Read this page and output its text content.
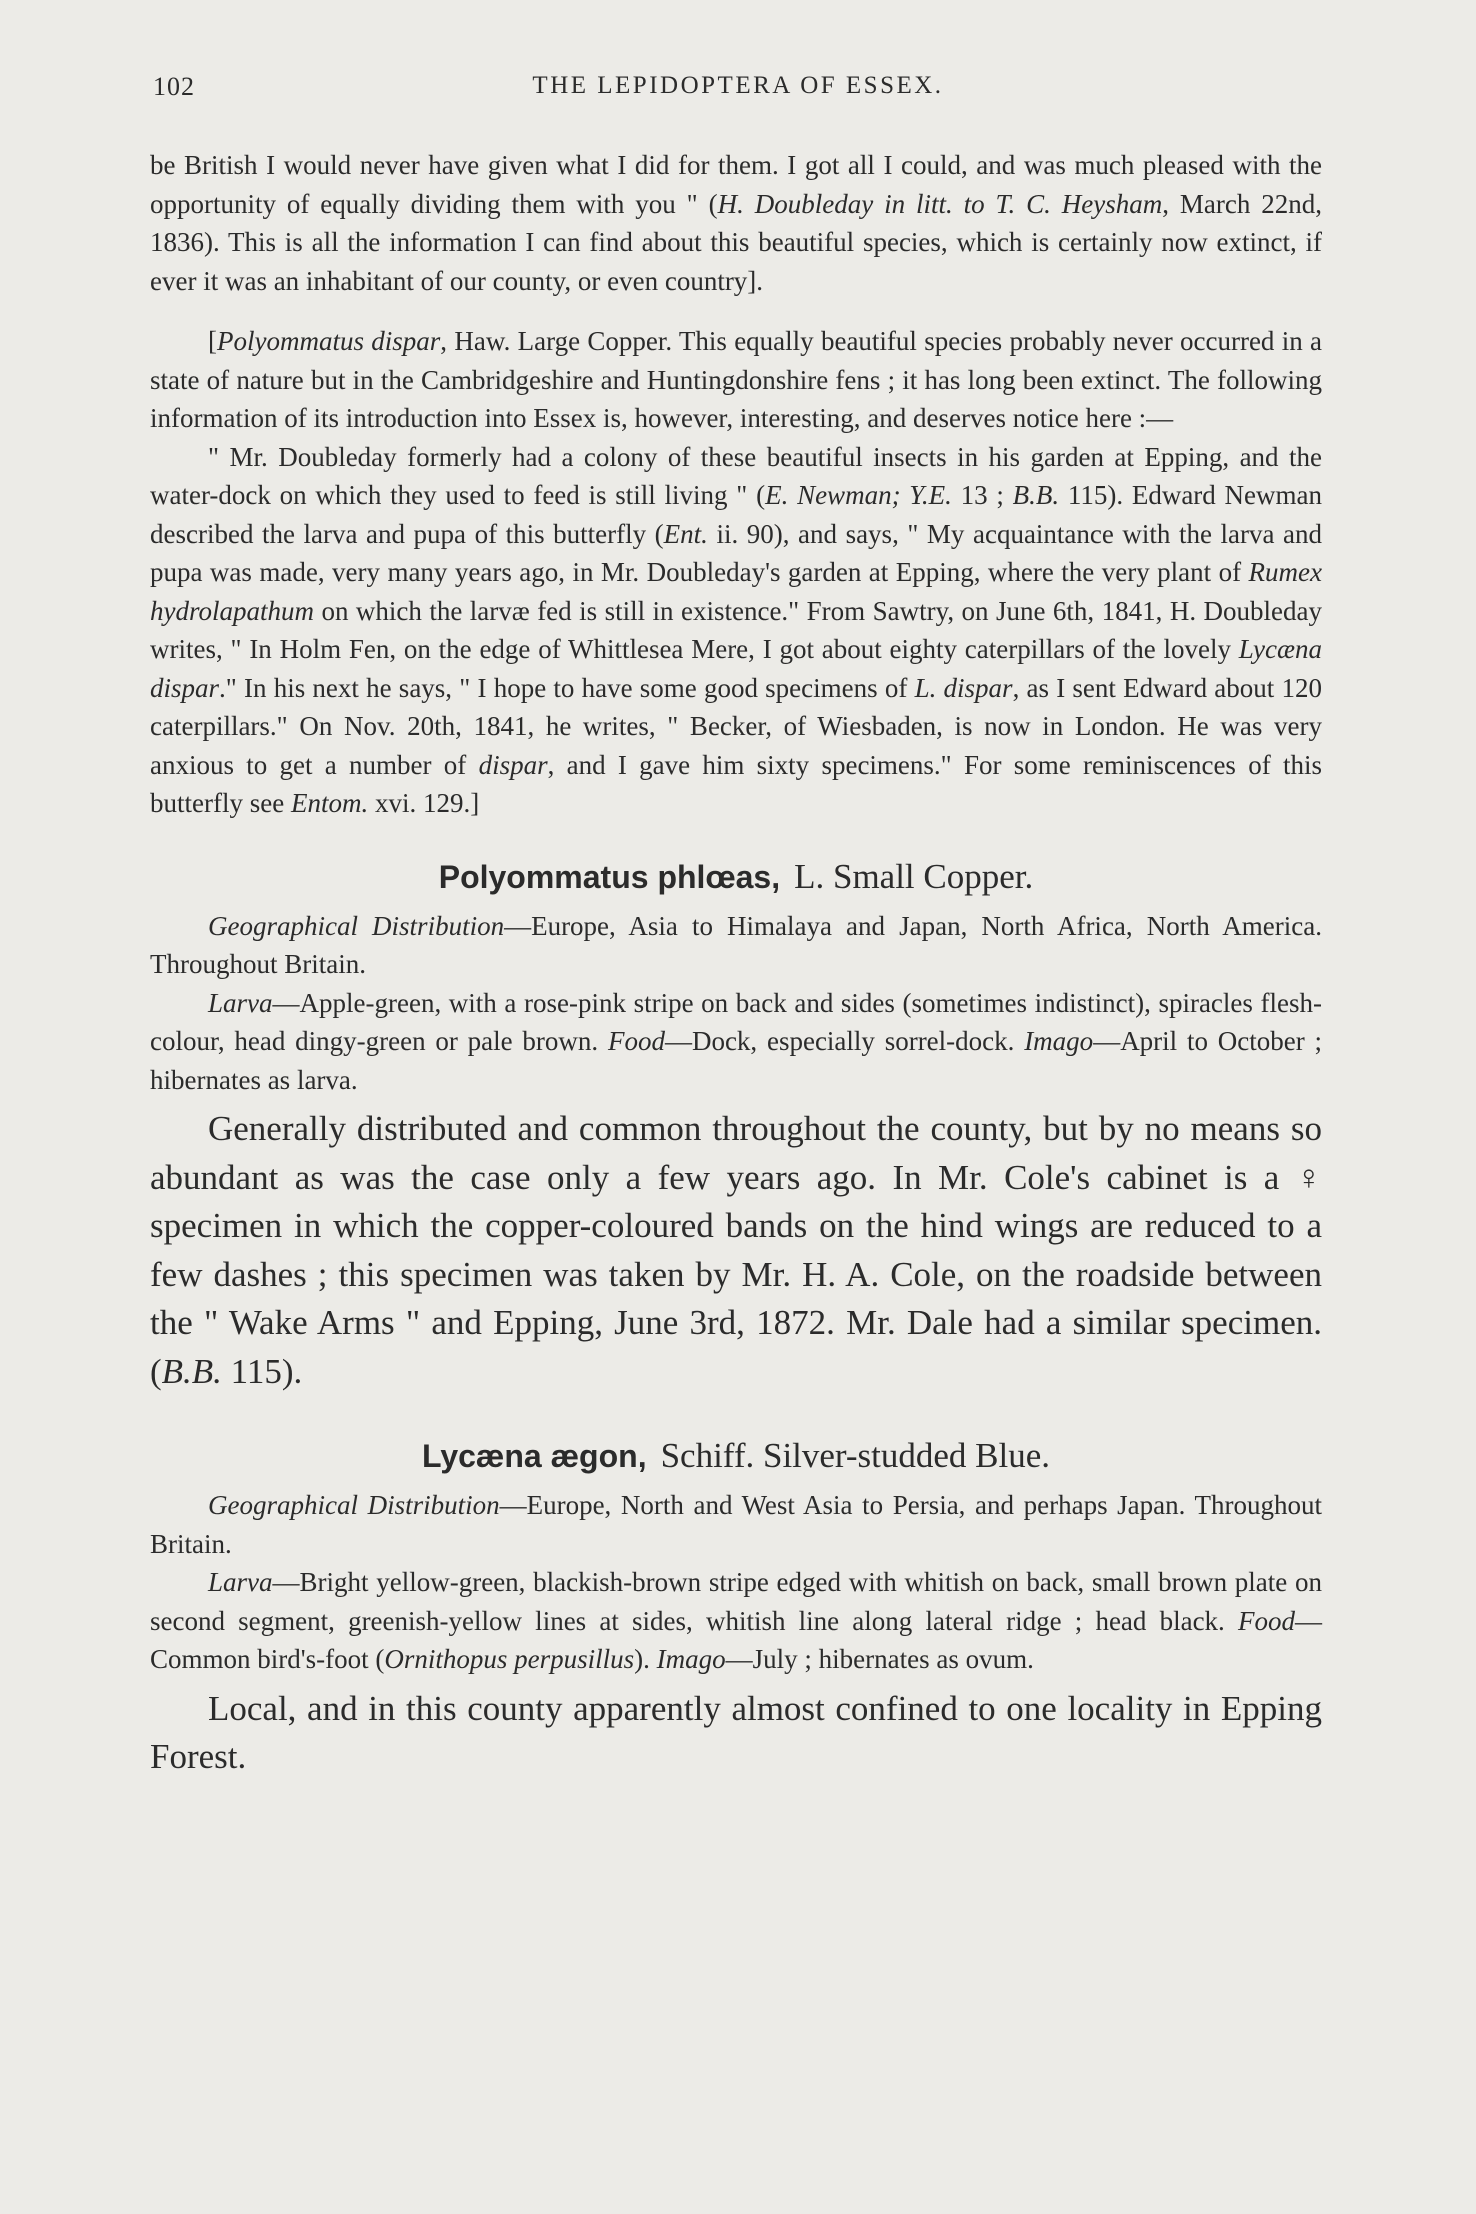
102	THE LEPIDOPTERA OF ESSEX.

be British I would never have given what I did for them. I got all I could, and was much pleased with the opportunity of equally dividing them with you " (H. Doubleday in litt. to T. C. Heysham, March 22nd, 1836). This is all the information I can find about this beautiful species, which is certainly now extinct, if ever it was an inhabitant of our county, or even country].

[Polyommatus dispar, Haw. Large Copper. This equally beautiful species probably never occurred in a state of nature but in the Cambridgeshire and Huntingdonshire fens ; it has long been extinct. The following information of its introduction into Essex is, however, interesting, and deserves notice here :—

" Mr. Doubleday formerly had a colony of these beautiful insects in his garden at Epping, and the water-dock on which they used to feed is still living " (E. Newman; Y.E. 13 ; B.B. 115). Edward Newman described the larva and pupa of this butterfly (Ent. ii. 90), and says, " My acquaintance with the larva and pupa was made, very many years ago, in Mr. Doubleday's garden at Epping, where the very plant of Rumex hydrolapathum on which the larvæ fed is still in existence." From Sawtry, on June 6th, 1841, H. Doubleday writes, " In Holm Fen, on the edge of Whittlesea Mere, I got about eighty caterpillars of the lovely Lycæna dispar." In his next he says, " I hope to have some good specimens of L. dispar, as I sent Edward about 120 caterpillars." On Nov. 20th, 1841, he writes, " Becker, of Wiesbaden, is now in London. He was very anxious to get a number of dispar, and I gave him sixty specimens." For some reminiscences of this butterfly see Entom. xvi. 129.]

Polyommatus phlœas, L. Small Copper.

Geographical Distribution—Europe, Asia to Himalaya and Japan, North Africa, North America. Throughout Britain.

Larva—Apple-green, with a rose-pink stripe on back and sides (sometimes indistinct), spiracles flesh-colour, head dingy-green or pale brown. Food—Dock, especially sorrel-dock. Imago—April to October ; hibernates as larva.

Generally distributed and common throughout the county, but by no means so abundant as was the case only a few years ago. In Mr. Cole's cabinet is a ♀ specimen in which the copper-coloured bands on the hind wings are reduced to a few dashes ; this specimen was taken by Mr. H. A. Cole, on the roadside between the " Wake Arms " and Epping, June 3rd, 1872. Mr. Dale had a similar specimen. (B.B. 115).

Lycæna ægon, Schiff. Silver-studded Blue.

Geographical Distribution—Europe, North and West Asia to Persia, and perhaps Japan. Throughout Britain.

Larva—Bright yellow-green, blackish-brown stripe edged with whitish on back, small brown plate on second segment, greenish-yellow lines at sides, whitish line along lateral ridge ; head black. Food—Common bird's-foot (Ornithopus perpusillus). Imago—July ; hibernates as ovum.

Local, and in this county apparently almost confined to one locality in Epping Forest.
